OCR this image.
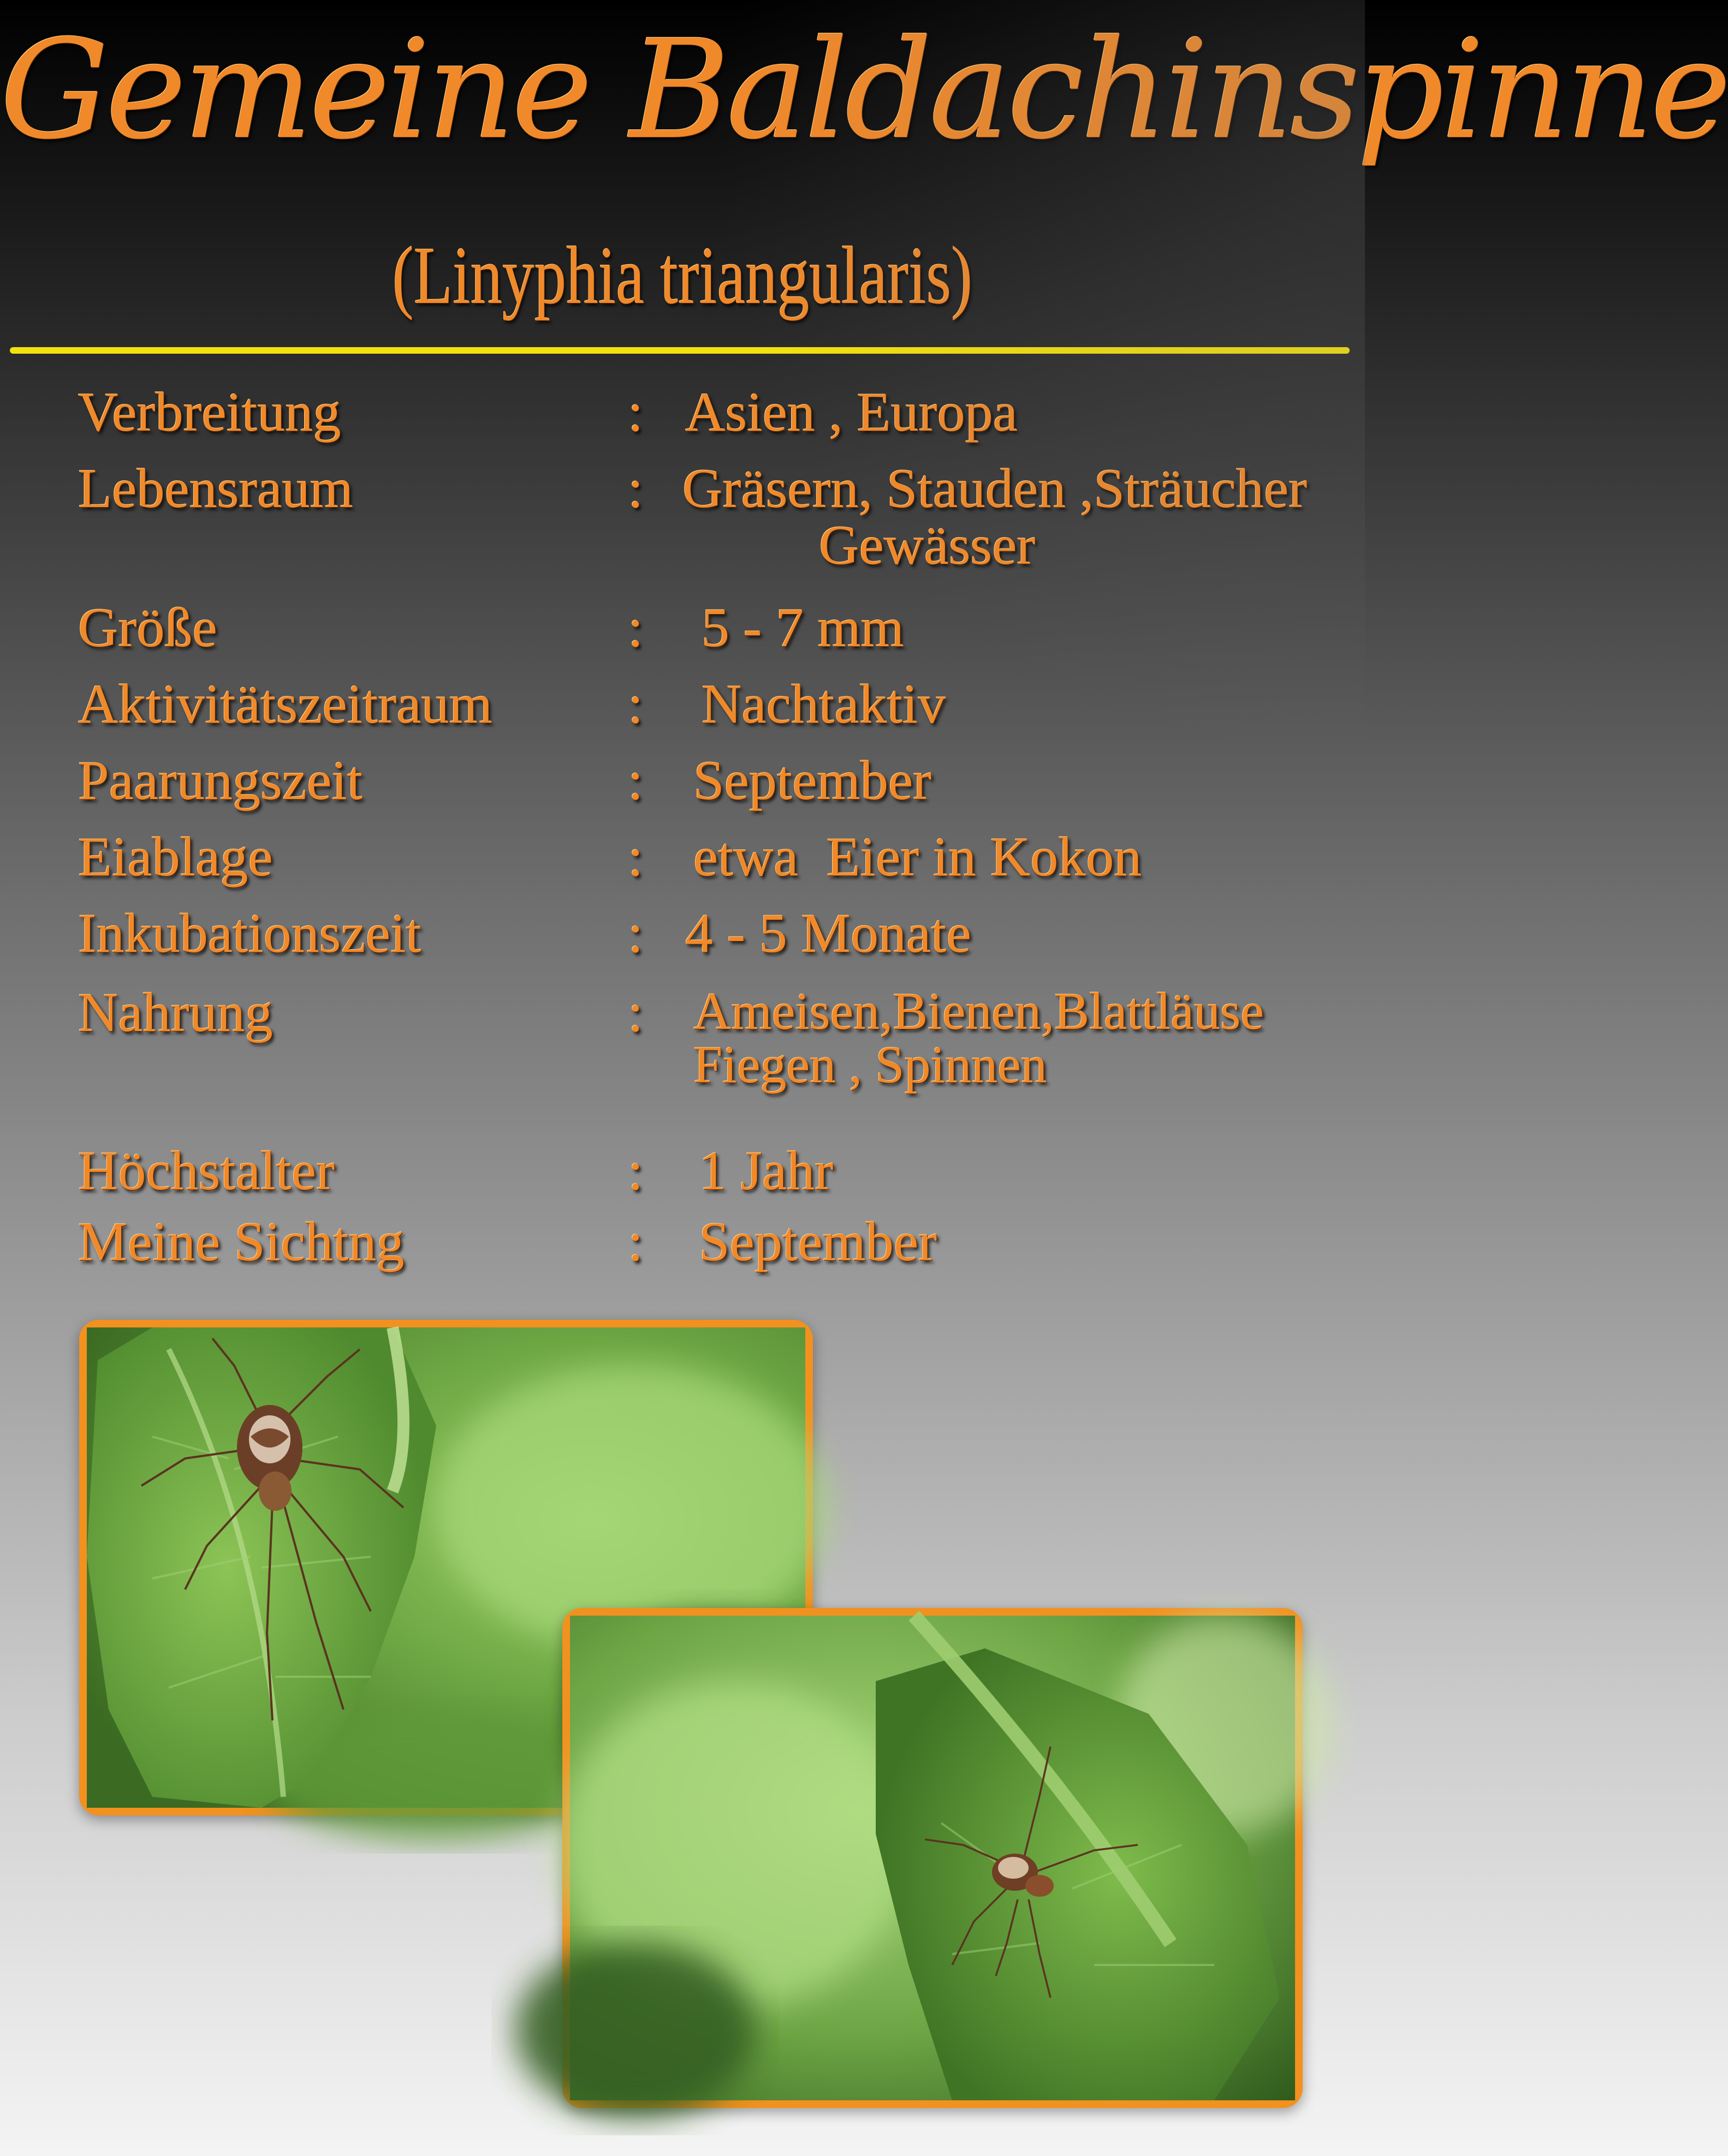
Gemeine Baldachinspinne
(Linyphia triangularis)
Verbreitung	: Asien , Europa
Lebensraum	: Gräsern, Stauden ,Sträucher
Gewässer
Größe	: 5 - 7 mm
Aktivitätszeitraum : Nachtaktiv
Paarungszeit	: September
Eiablage	: etwa  Eier in Kokon
Inkubationszeit	: 4 - 5 Monate
Nahrung	: Ameisen,Bienen,Blattläuse
Fiegen , Spinnen
Höchstalter	: 1 Jahr
Meine Sichtng	: September
